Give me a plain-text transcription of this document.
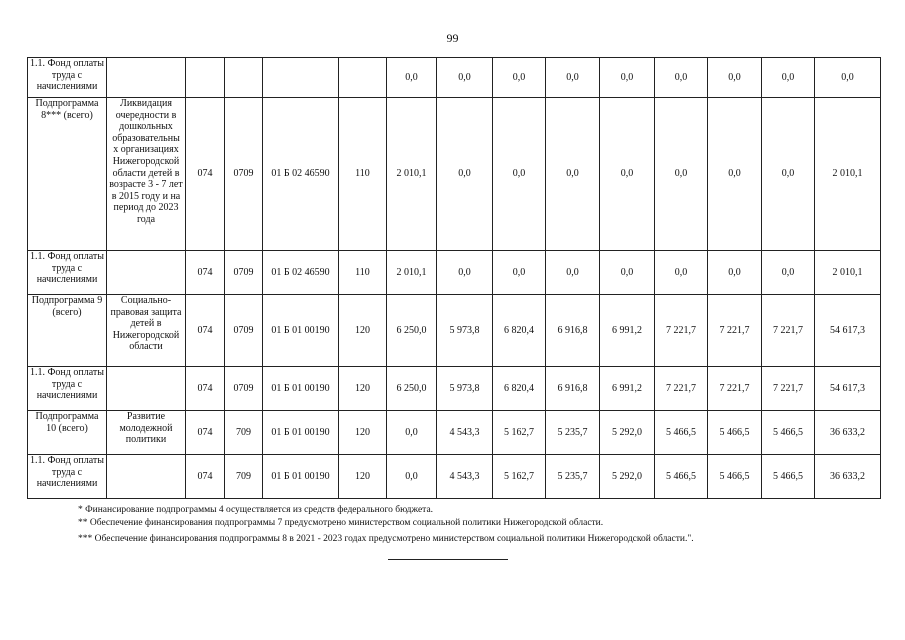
99
1.1. Фонд оплаты труда с начислениями						0,0	0,0	0,0	0,0	0,0	0,0	0,0	0,0	0,0
Подпрограмма 8*** (всего)	Ликвидация очередности в дошкольных образовательны х организациях Нижегородской области детей в возрасте 3 - 7 лет в 2015 году и на период до 2023 года	074	0709	01 Б 02 46590	110	2 010,1	0,0	0,0	0,0	0,0	0,0	0,0	0,0	2 010,1
1.1. Фонд оплаты труда с начислениями		074	0709	01 Б 02 46590	110	2 010,1	0,0	0,0	0,0	0,0	0,0	0,0	0,0	2 010,1
Подпрограмма 9 (всего)	Социально-правовая защита детей в Нижегородской области	074	0709	01 Б 01 00190	120	6 250,0	5 973,8	6 820,4	6 916,8	6 991,2	7 221,7	7 221,7	7 221,7	54 617,3
1.1. Фонд оплаты труда с начислениями		074	0709	01 Б 01 00190	120	6 250,0	5 973,8	6 820,4	6 916,8	6 991,2	7 221,7	7 221,7	7 221,7	54 617,3
Подпрограмма 10 (всего)	Развитие молодежной политики	074	709	01 Б 01 00190	120	0,0	4 543,3	5 162,7	5 235,7	5 292,0	5 466,5	5 466,5	5 466,5	36 633,2
1.1. Фонд оплаты труда с начислениями		074	709	01 Б 01 00190	120	0,0	4 543,3	5 162,7	5 235,7	5 292,0	5 466,5	5 466,5	5 466,5	36 633,2
* Финансирование подпрограммы 4 осуществляется из средств федерального бюджета.
** Обеспечение финансирования подпрограммы 7 предусмотрено министерством социальной политики Нижегородской области.
*** Обеспечение финансирования подпрограммы 8 в 2021 - 2023 годах предусмотрено министерством социальной политики Нижегородской области.".
